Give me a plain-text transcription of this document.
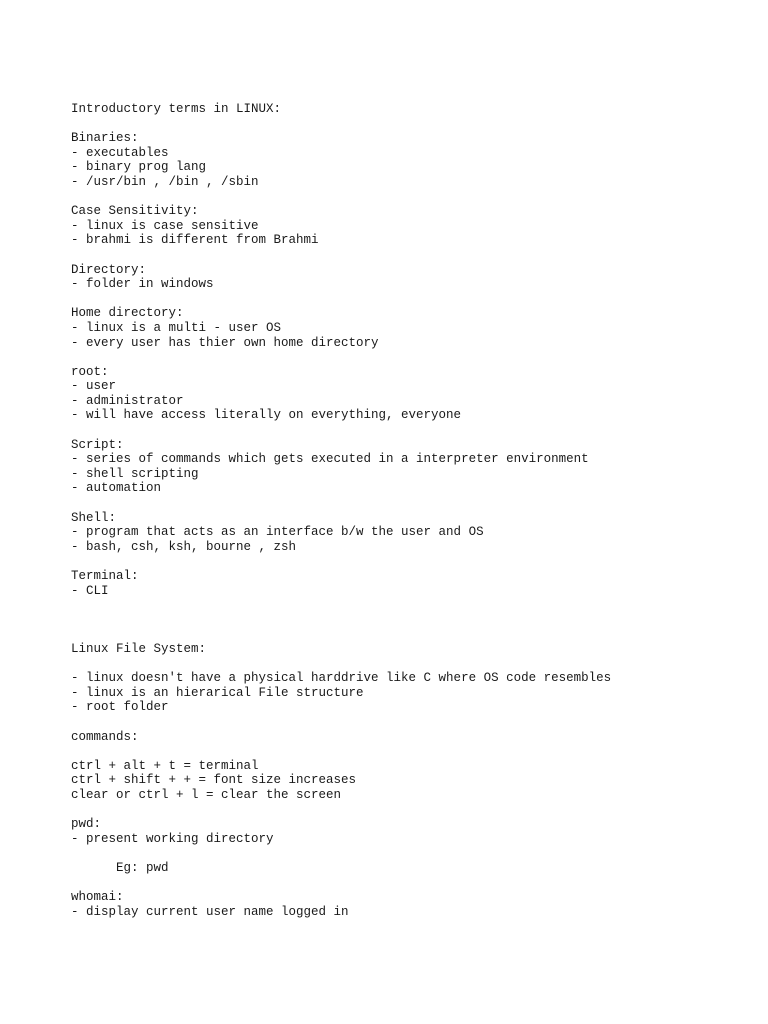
Introductory terms in LINUX:
Binaries:
- executables
- binary prog lang
- /usr/bin , /bin , /sbin
Case Sensitivity:
- linux is case sensitive
- brahmi is different from Brahmi
Directory:
- folder in windows
Home directory:
- linux is a multi - user OS
- every user has thier own home directory
root:
- user
- administrator
- will have access literally on everything, everyone
Script:
- series of commands which gets executed in a interpreter environment
- shell scripting
- automation
Shell:
- program that acts as an interface b/w the user and OS
- bash, csh, ksh, bourne , zsh
Terminal:
- CLI
Linux File System:
- linux doesn't have a physical harddrive like C where OS code resembles
- linux is an hierarical File structure
- root folder
commands:
ctrl + alt + t = terminal
ctrl + shift + + = font size increases
clear or ctrl + l = clear the screen
pwd:
- present working directory
Eg: pwd
whomai:
- display current user name logged in
